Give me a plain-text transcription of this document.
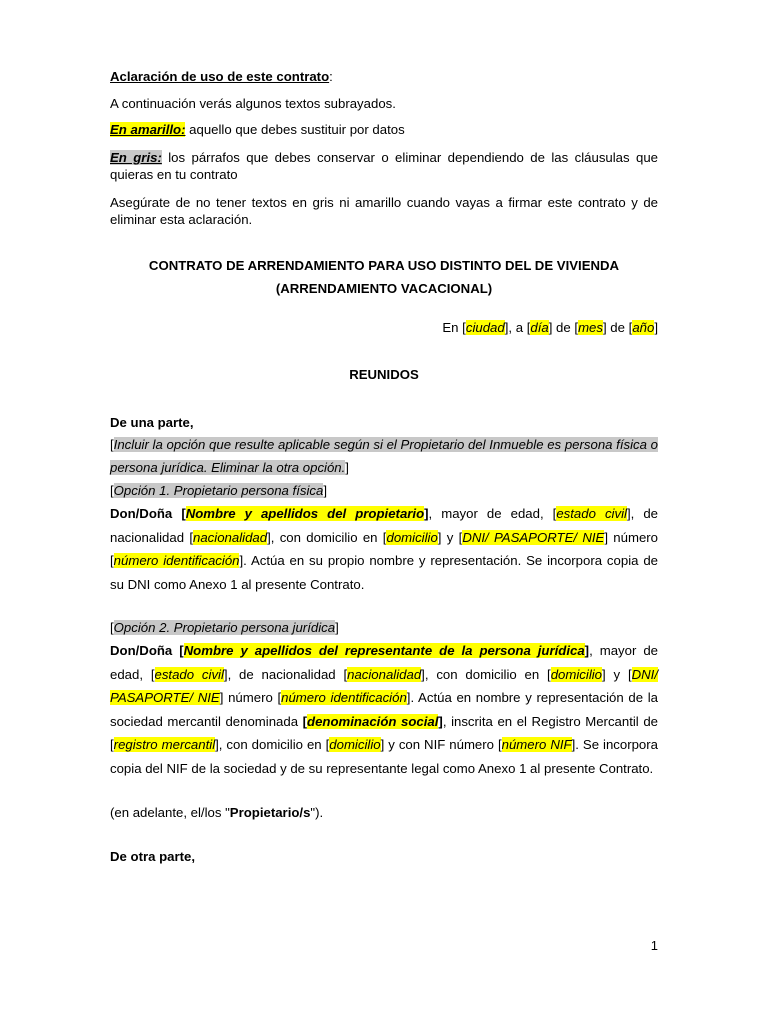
Aclaración de uso de este contrato:

A continuación verás algunos textos subrayados.

En amarillo: aquello que debes sustituir por datos

En gris: los párrafos que debes conservar o eliminar dependiendo de las cláusulas que quieras en tu contrato

Asegúrate de no tener textos en gris ni amarillo cuando vayas a firmar este contrato y de eliminar esta aclaración.

CONTRATO DE ARRENDAMIENTO PARA USO DISTINTO DEL DE VIVIENDA

(ARRENDAMIENTO VACACIONAL)

En [ciudad], a [día] de [mes] de [año]

REUNIDOS

De una parte,

[Incluir la opción que resulte aplicable según si el Propietario del Inmueble es persona física o persona jurídica. Eliminar la otra opción.]

[Opción 1. Propietario persona física]

Don/Doña [Nombre y apellidos del propietario], mayor de edad, [estado civil], de nacionalidad [nacionalidad], con domicilio en [domicilio] y [DNI/ PASAPORTE/ NIE] número [número identificación]. Actúa en su propio nombre y representación. Se incorpora copia de su DNI como Anexo 1 al presente Contrato.

[Opción 2. Propietario persona jurídica]

Don/Doña [Nombre y apellidos del representante de la persona jurídica], mayor de edad, [estado civil], de nacionalidad [nacionalidad], con domicilio en [domicilio] y [DNI/ PASAPORTE/ NIE] número [número identificación]. Actúa en nombre y representación de la sociedad mercantil denominada [denominación social], inscrita en el Registro Mercantil de [registro mercantil], con domicilio en [domicilio] y con NIF número [número NIF]. Se incorpora copia del NIF de la sociedad y de su representante legal como Anexo 1 al presente Contrato.

(en adelante, el/los "Propietario/s").

De otra parte,

1
